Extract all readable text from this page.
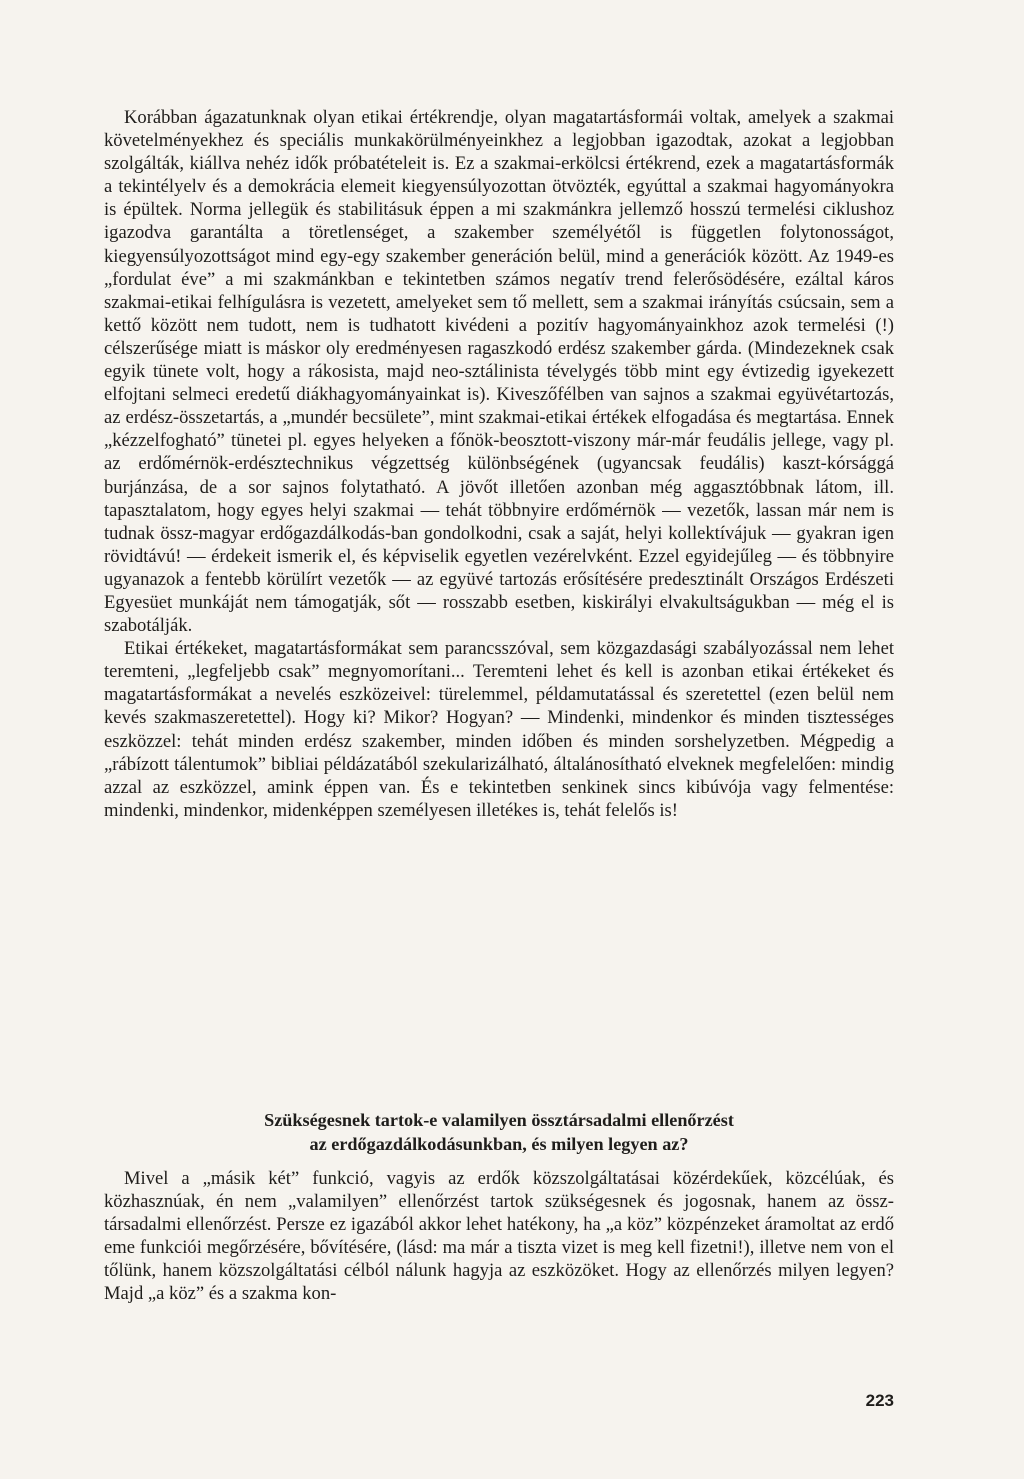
Korábban ágazatunknak olyan etikai értékrendje, olyan magatartásformái voltak, amelyek a szakmai követelményekhez és speciális munkakörülményeinkhez a legjobban igazodtak, azokat a legjobban szolgálták, kiállva nehéz idők próbatételeit is. Ez a szakmai-erkölcsi értékrend, ezek a magatartásformák a tekintélyelv és a demokrácia elemeit kiegyensúlyozottan ötvözték, egyúttal a szakmai hagyományokra is épültek. Norma jellegük és stabilitásuk éppen a mi szakmánkra jellemző hosszú termelési ciklushoz igazodva garantálta a töretlenséget, a szakember személyétől is független folytonosságot, kiegyensúlyozottságot mind egy-egy szakember generáción belül, mind a generációk között. Az 1949-es „fordulat éve” a mi szakmánkban e tekintetben számos negatív trend felerősödésére, ezáltal káros szakmai-etikai felhígulásra is vezetett, amelyeket sem tő mellett, sem a szakmai irányítás csúcsain, sem a kettő között nem tudott, nem is tudhatott kivédeni a pozitív hagyományainkhoz azok termelési (!) célszerűsége miatt is máskor oly eredményesen ragaszkodó erdész szakember gárda. (Mindezeknek csak egyik tünete volt, hogy a rákosista, majd neo-sztálinista tévelygés több mint egy évtizedig igyekezett elfojtani selmeci eredetű diákhagyományainkat is). Kiveszőfélben van sajnos a szakmai együvétartozás, az erdész-összetartás, a „mundér becsülete”, mint szakmai-etikai értékek elfogadása és megtartása. Ennek „kézzelfogható” tünetei pl. egyes helyeken a főnök-beosztott-viszony már-már feudális jellege, vagy pl. az erdőmérnök-erdésztechnikus végzettség különbségének (ugyancsak feudális) kaszt-kórsággá burjánzása, de a sor sajnos folytatható. A jövőt illetően azonban még aggasztóbbnak látom, ill. tapasztalatom, hogy egyes helyi szakmai — tehát többnyire erdőmérnök — vezetők, lassan már nem is tudnak össz-magyar erdőgazdálkodás-ban gondolkodni, csak a saját, helyi kollektívájuk — gyakran igen rövidtávú! — érdekeit ismerik el, és képviselik egyetlen vezérelvként. Ezzel egyidejűleg — és többnyire ugyanazok a fentebb körülírt vezetők — az együvé tartozás erősítésére predesztinált Országos Erdészeti Egyesüet munkáját nem támogatják, sőt — rosszabb esetben, kiskirályi elvakultságukban — még el is szabotálják.

Etikai értékeket, magatartásformákat sem parancsszóval, sem közgazdasági szabályozással nem lehet teremteni, „legfeljebb csak” megnyomorítani... Teremteni lehet és kell is azonban etikai értékeket és magatartásformákat a nevelés eszközeivel: türelemmel, példamutatással és szeretettel (ezen belül nem kevés szakmaszeretettel). Hogy ki? Mikor? Hogyan? — Mindenki, mindenkor és minden tisztességes eszközzel: tehát minden erdész szakember, minden időben és minden sorshelyzetben. Mégpedig a „rábízott tálentumok” bibliai példázatából szekularizálható, általánosítható elveknek megfelelően: mindig azzal az eszközzel, amink éppen van. És e tekintetben senkinek sincs kibúvója vagy felmentése: mindenki, mindenkor, midenképpen személyesen illetékes is, tehát felelős is!

Szükségesnek tartok-e valamilyen össztársadalmi ellenőrzést
az erdőgazdálkodásunkban, és milyen legyen az?

Mivel a „másik két” funkció, vagyis az erdők közszolgáltatásai közérdekűek, közcélúak, és közhasznúak, én nem „valamilyen” ellenőrzést tartok szükségesnek és jogosnak, hanem az össz-társadalmi ellenőrzést. Persze ez igazából akkor lehet hatékony, ha „a köz” közpénzeket áramoltat az erdő eme funkciói megőrzésére, bővítésére, (lásd: ma már a tiszta vizet is meg kell fizetni!), illetve nem von el tőlünk, hanem közszolgáltatási célból nálunk hagyja az eszközöket. Hogy az ellenőrzés milyen legyen? Majd „a köz” és a szakma kon-

223
